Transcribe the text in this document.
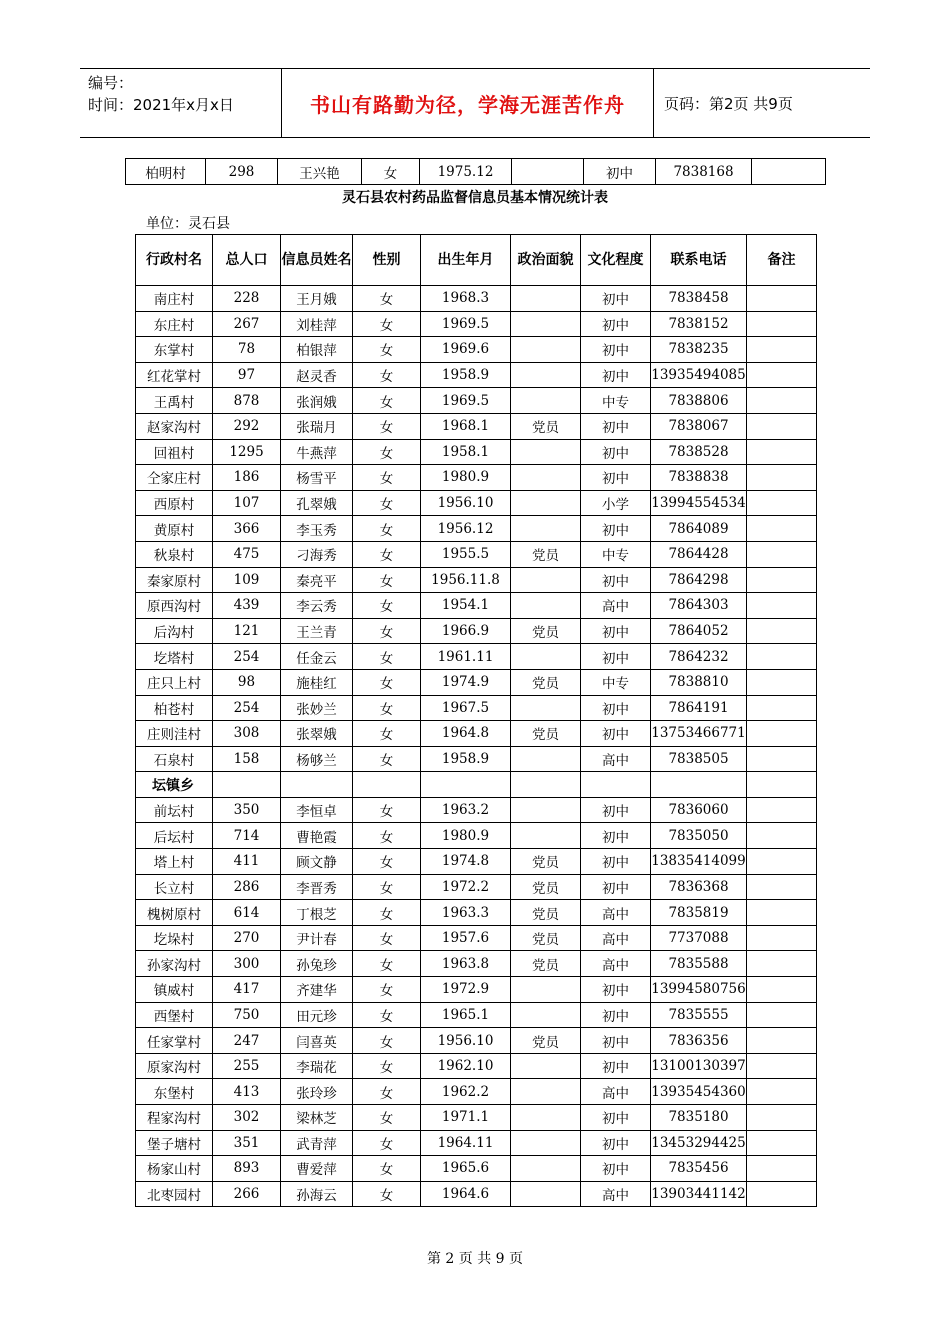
编号：
时间：2021年x月x日	书山有路勤为径，学海无涯苦作舟	页码：第2页 共9页
柏明村	298	王兴艳	女	1975.12		初中	7838168	
灵石县农村药品监督信息员基本情况统计表
单位：灵石县
行政村名	总人口	信息员姓名	性别	出生年月	政治面貌	文化程度	联系电话	备注
南庄村	228	王月娥	女	1968.3		初中	7838458	
东庄村	267	刘桂萍	女	1969.5		初中	7838152	
东掌村	78	柏银萍	女	1969.6		初中	7838235	
红花掌村	97	赵灵香	女	1958.9		初中	13935494085	
王禹村	878	张润娥	女	1969.5		中专	7838806	
赵家沟村	292	张瑞月	女	1968.1	党员	初中	7838067	
回祖村	1295	牛燕萍	女	1958.1		初中	7838528	
仝家庄村	186	杨雪平	女	1980.9		初中	7838838	
西原村	107	孔翠娥	女	1956.10		小学	13994554534	
黄原村	366	李玉秀	女	1956.12		初中	7864089	
秋泉村	475	刁海秀	女	1955.5	党员	中专	7864428	
秦家原村	109	秦亮平	女	1956.11.8		初中	7864298	
原西沟村	439	李云秀	女	1954.1		高中	7864303	
后沟村	121	王兰青	女	1966.9	党员	初中	7864052	
圪塔村	254	任金云	女	1961.11		初中	7864232	
庄只上村	98	施桂红	女	1974.9	党员	中专	7838810	
柏苍村	254	张妙兰	女	1967.5		初中	7864191	
庄则洼村	308	张翠娥	女	1964.8	党员	初中	13753466771	
石泉村	158	杨够兰	女	1958.9		高中	7838505	
坛镇乡								
前坛村	350	李恒卓	女	1963.2		初中	7836060	
后坛村	714	曹艳霞	女	1980.9		初中	7835050	
塔上村	411	顾文静	女	1974.8	党员	初中	13835414099	
长立村	286	李晋秀	女	1972.2	党员	初中	7836368	
槐树原村	614	丁根芝	女	1963.3	党员	高中	7835819	
圪垛村	270	尹计春	女	1957.6	党员	高中	7737088	
孙家沟村	300	孙兔珍	女	1963.8	党员	高中	7835588	
镇威村	417	齐建华	女	1972.9		初中	13994580756	
西堡村	750	田元珍	女	1965.1		初中	7835555	
任家掌村	247	闫喜英	女	1956.10	党员	初中	7836356	
原家沟村	255	李瑞花	女	1962.10		初中	13100130397	
东堡村	413	张玲珍	女	1962.2		高中	13935454360	
程家沟村	302	梁林芝	女	1971.1		初中	7835180	
堡子塘村	351	武青萍	女	1964.11		初中	13453294425	
杨家山村	893	曹爱萍	女	1965.6		初中	7835456	
北枣园村	266	孙海云	女	1964.6		高中	13903441142	
第 2 页 共 9 页
